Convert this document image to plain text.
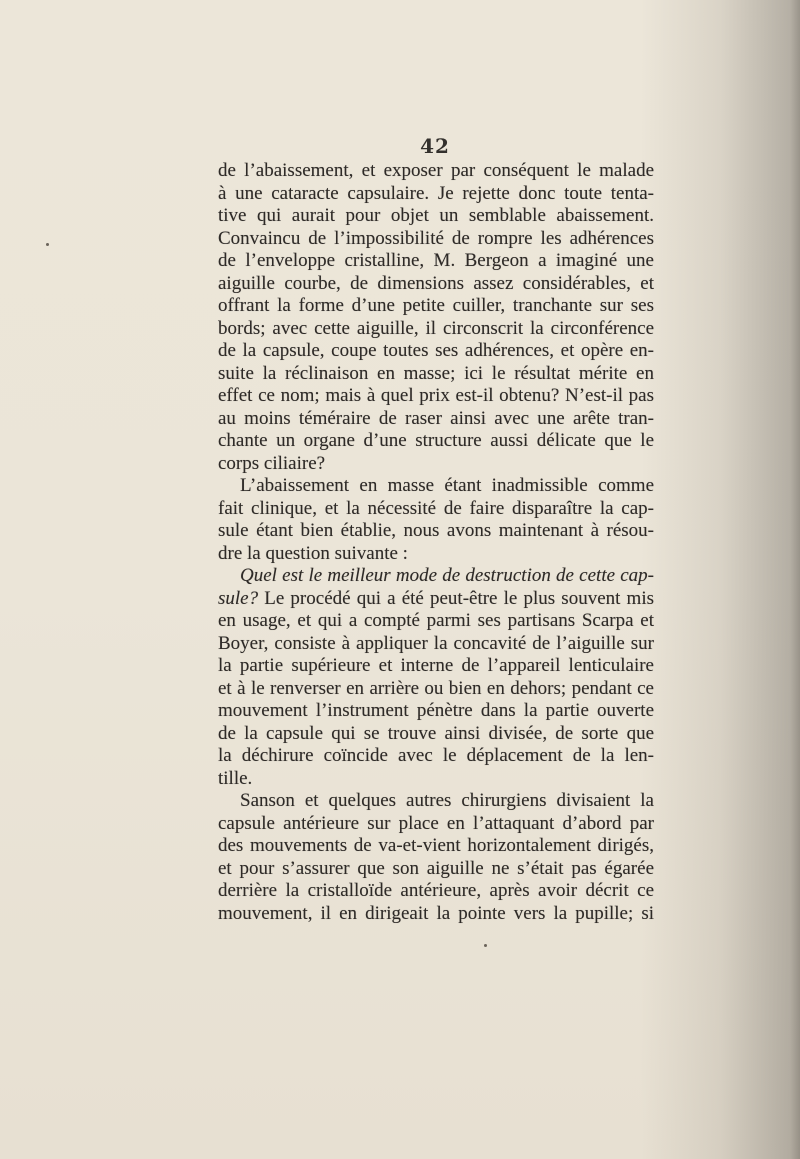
42
de l’abaissement, et exposer par conséquent le malade
à une cataracte capsulaire. Je rejette donc toute tenta-
tive qui aurait pour objet un semblable abaissement.
Convaincu de l’impossibilité de rompre les adhérences
de l’enveloppe cristalline, M. Bergeon a imaginé une
aiguille courbe, de dimensions assez considérables, et
offrant la forme d’une petite cuiller, tranchante sur ses
bords; avec cette aiguille, il circonscrit la circonférence
de la capsule, coupe toutes ses adhérences, et opère en-
suite la réclinaison en masse; ici le résultat mérite en
effet ce nom; mais à quel prix est-il obtenu? N’est-il pas
au moins téméraire de raser ainsi avec une arête tran-
chante un organe d’une structure aussi délicate que le
corps ciliaire?
L’abaissement en masse étant inadmissible comme
fait clinique, et la nécessité de faire disparaître la cap-
sule étant bien établie, nous avons maintenant à résou-
dre la question suivante :
Quel est le meilleur mode de destruction de cette cap-
sule? Le procédé qui a été peut-être le plus souvent mis
en usage, et qui a compté parmi ses partisans Scarpa et
Boyer, consiste à appliquer la concavité de l’aiguille sur
la partie supérieure et interne de l’appareil lenticulaire
et à le renverser en arrière ou bien en dehors; pendant ce
mouvement l’instrument pénètre dans la partie ouverte
de la capsule qui se trouve ainsi divisée, de sorte que
la déchirure coïncide avec le déplacement de la len-
tille.
Sanson et quelques autres chirurgiens divisaient la
capsule antérieure sur place en l’attaquant d’abord par
des mouvements de va-et-vient horizontalement dirigés,
et pour s’assurer que son aiguille ne s’était pas égarée
derrière la cristalloïde antérieure, après avoir décrit ce
mouvement, il en dirigeait la pointe vers la pupille; si
